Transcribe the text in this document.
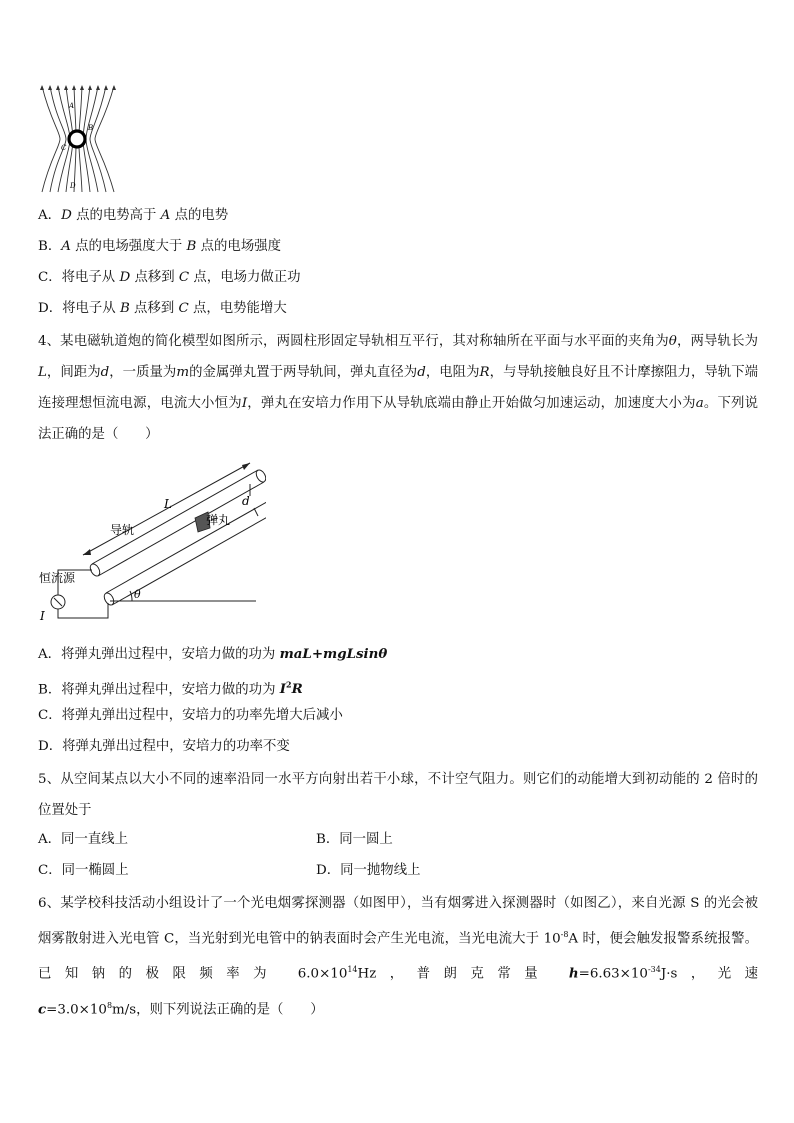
A
B
C
D
A．D 点的电势高于 A 点的电势
B．A 点的电场强度大于 B 点的电场强度
C．将电子从 D 点移到 C 点，电场力做正功
D．将电子从 B 点移到 C 点，电势能增大
4、某电磁轨道炮的简化模型如图所示，两圆柱形固定导轨相互平行，其对称轴所在平面与水平面的夹角为θ，两导轨长为L，间距为d，一质量为m的金属弹丸置于两导轨间，弹丸直径为d，电阻为R，与导轨接触良好且不计摩擦阻力，导轨下端连接理想恒流电源，电流大小恒为I，弹丸在安培力作用下从导轨底端由静止开始做匀加速运动，加速度大小为a。下列说法正确的是（　　）
L	d
导轨
弹丸
恒流源
I
θ
A．将弹丸弹出过程中，安培力做的功为 maL+mgLsinθ
B．将弹丸弹出过程中，安培力做的功为 $I^2R$
C．将弹丸弹出过程中，安培力的功率先增大后减小
D．将弹丸弹出过程中，安培力的功率不变
5、从空间某点以大小不同的速率沿同一水平方向射出若干小球，不计空气阻力。则它们的动能增大到初动能的 2 倍时的位置处于
A．同一直线上	B．同一圆上
C．同一椭圆上	D．同一抛物线上
6、某学校科技活动小组设计了一个光电烟雾探测器（如图甲），当有烟雾进入探测器时（如图乙），来自光源 S 的光会被烟雾散射进入光电管 C，当光射到光电管中的钠表面时会产生光电流，当光电流大于 $10^{-8}A$ 时，便会触发报警系统报警。已知钠的极限频率为 $6.0\times 10^{14}Hz$，普朗克常量 $h=6.63\times 10^{-34}J\cdot s$，光速 $c=3.0\times 10^8m/s$，则下列说法正确的是（　　）
